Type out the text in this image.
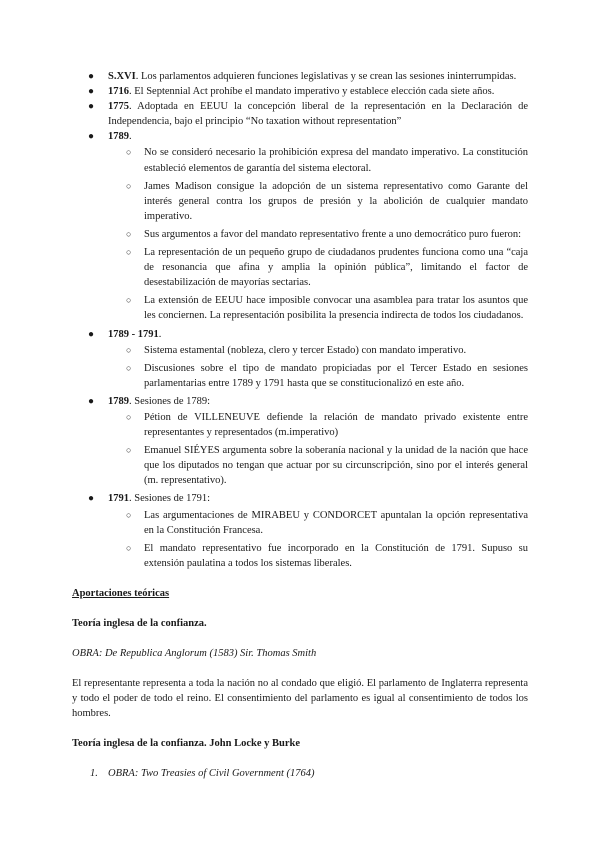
● S.XVI. Los parlamentos adquieren funciones legislativas y se crean las sesiones ininterrumpidas.
● 1716. El Septennial Act prohíbe el mandato imperativo y establece elección cada siete años.
● 1775. Adoptada en EEUU la concepción liberal de la representación en la Declaración de Independencia, bajo el principio “No taxation without representation”
● 1789.
○ No se consideró necesario la prohibición expresa del mandato imperativo. La constitución estableció elementos de garantía del sistema electoral.
○ James Madison consigue la adopción de un sistema representativo como Garante del interés general contra los grupos de presión y la abolición de cualquier mandato imperativo.
○ Sus argumentos a favor del mandato representativo frente a uno democrático puro fueron:
○ La representación de un pequeño grupo de ciudadanos prudentes funciona como una “caja de resonancia que afina y amplia la opinión pública”, limitando el factor de desestabilización de mayorías sectarias.
○ La extensión de EEUU hace imposible convocar una asamblea para tratar los asuntos que les conciernen. La representación posibilita la presencia indirecta de todos los ciudadanos.
● 1789 - 1791.
○ Sistema estamental (nobleza, clero y tercer Estado) con mandato imperativo.
○ Discusiones sobre el tipo de mandato propiciadas por el Tercer Estado en sesiones parlamentarias entre 1789 y 1791 hasta que se constitucionalizó en este año.
● 1789. Sesiones de 1789:
○ Pétion de VILLENEUVE defiende la relación de mandato privado existente entre representantes y representados (m.imperativo)
○ Emanuel SIÉYES argumenta sobre la soberanía nacional y la unidad de la nación que hace que los diputados no tengan que actuar por su circunscripción, sino por el interés general (m. representativo).
● 1791. Sesiones de 1791:
○ Las argumentaciones de MIRABEU y CONDORCET apuntalan la opción representativa en la Constitución Francesa.
○ El mandato representativo fue incorporado en la Constitución de 1791. Supuso su extensión paulatina a todos los sistemas liberales.
Aportaciones teóricas
Teoría inglesa de la confianza.
OBRA: De Republica Anglorum (1583) Sir. Thomas Smith
El representante representa a toda la nación no al condado que eligió. El parlamento de Inglaterra representa y todo el poder de todo el reino. El consentimiento del parlamento es igual al consentimiento de todos los hombres.
Teoría inglesa de la confianza. John Locke y Burke
1. OBRA: Two Treasies of Civil Government (1764)
